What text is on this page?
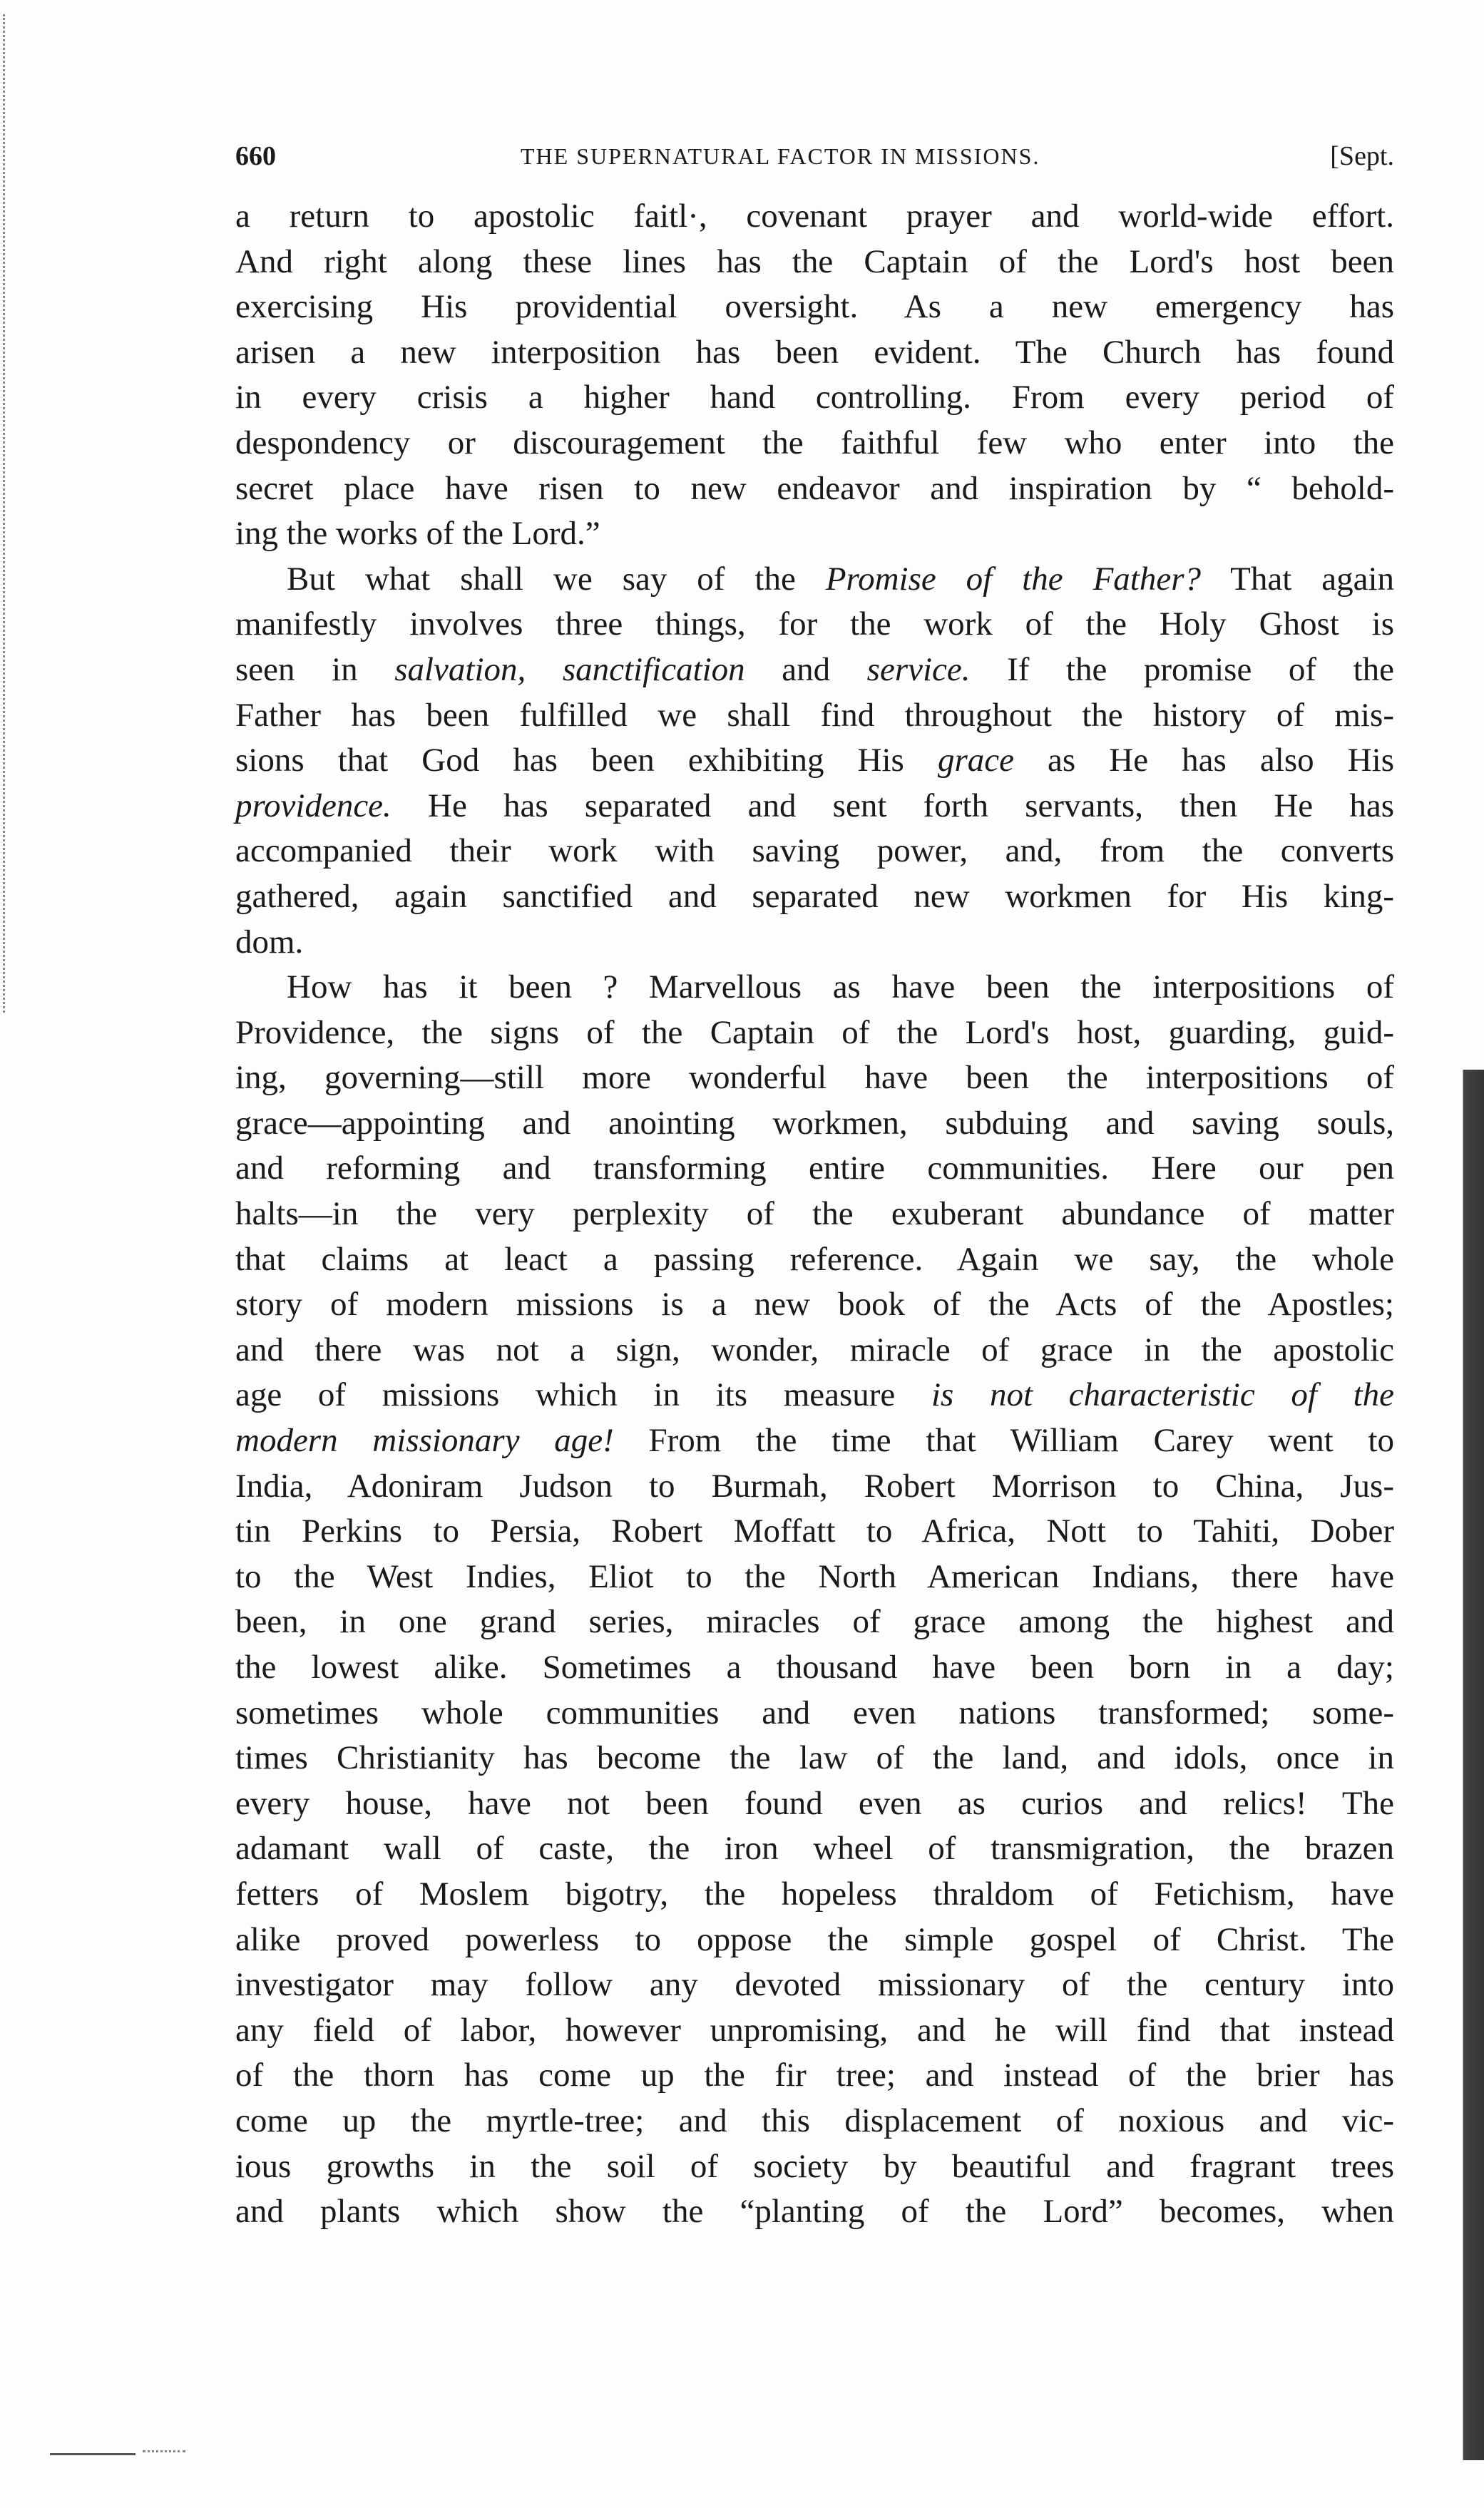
660	THE SUPERNATURAL FACTOR IN MISSIONS.	[Sept.
a return to apostolic faitl·, covenant prayer and world-wide effort.
And right along these lines has the Captain of the Lord's host been
exercising His providential oversight. As a new emergency has
arisen a new interposition has been evident. The Church has found
in every crisis a higher hand controlling. From every period of
despondency or discouragement the faithful few who enter into the
secret place have risen to new endeavor and inspiration by “ behold-
ing the works of the Lord.”
But what shall we say of the Promise of the Father? That again
manifestly involves three things, for the work of the Holy Ghost is
seen in salvation, sanctification and service. If the promise of the
Father has been fulfilled we shall find throughout the history of mis-
sions that God has been exhibiting His grace as He has also His
providence. He has separated and sent forth servants, then He has
accompanied their work with saving power, and, from the converts
gathered, again sanctified and separated new workmen for His king-
dom.
How has it been ? Marvellous as have been the interpositions of
Providence, the signs of the Captain of the Lord's host, guarding, guid-
ing, governing—still more wonderful have been the interpositions of
grace—appointing and anointing workmen, subduing and saving souls,
and reforming and transforming entire communities. Here our pen
halts—in the very perplexity of the exuberant abundance of matter
that claims at leact a passing reference. Again we say, the whole
story of modern missions is a new book of the Acts of the Apostles;
and there was not a sign, wonder, miracle of grace in the apostolic
age of missions which in its measure is not characteristic of the
modern missionary age! From the time that William Carey went to
India, Adoniram Judson to Burmah, Robert Morrison to China, Jus-
tin Perkins to Persia, Robert Moffatt to Africa, Nott to Tahiti, Dober
to the West Indies, Eliot to the North American Indians, there have
been, in one grand series, miracles of grace among the highest and
the lowest alike. Sometimes a thousand have been born in a day;
sometimes whole communities and even nations transformed; some-
times Christianity has become the law of the land, and idols, once in
every house, have not been found even as curios and relics! The
adamant wall of caste, the iron wheel of transmigration, the brazen
fetters of Moslem bigotry, the hopeless thraldom of Fetichism, have
alike proved powerless to oppose the simple gospel of Christ. The
investigator may follow any devoted missionary of the century into
any field of labor, however unpromising, and he will find that instead
of the thorn has come up the fir tree; and instead of the brier has
come up the myrtle-tree; and this displacement of noxious and vic-
ious growths in the soil of society by beautiful and fragrant trees
and plants which show the “planting of the Lord” becomes, when
